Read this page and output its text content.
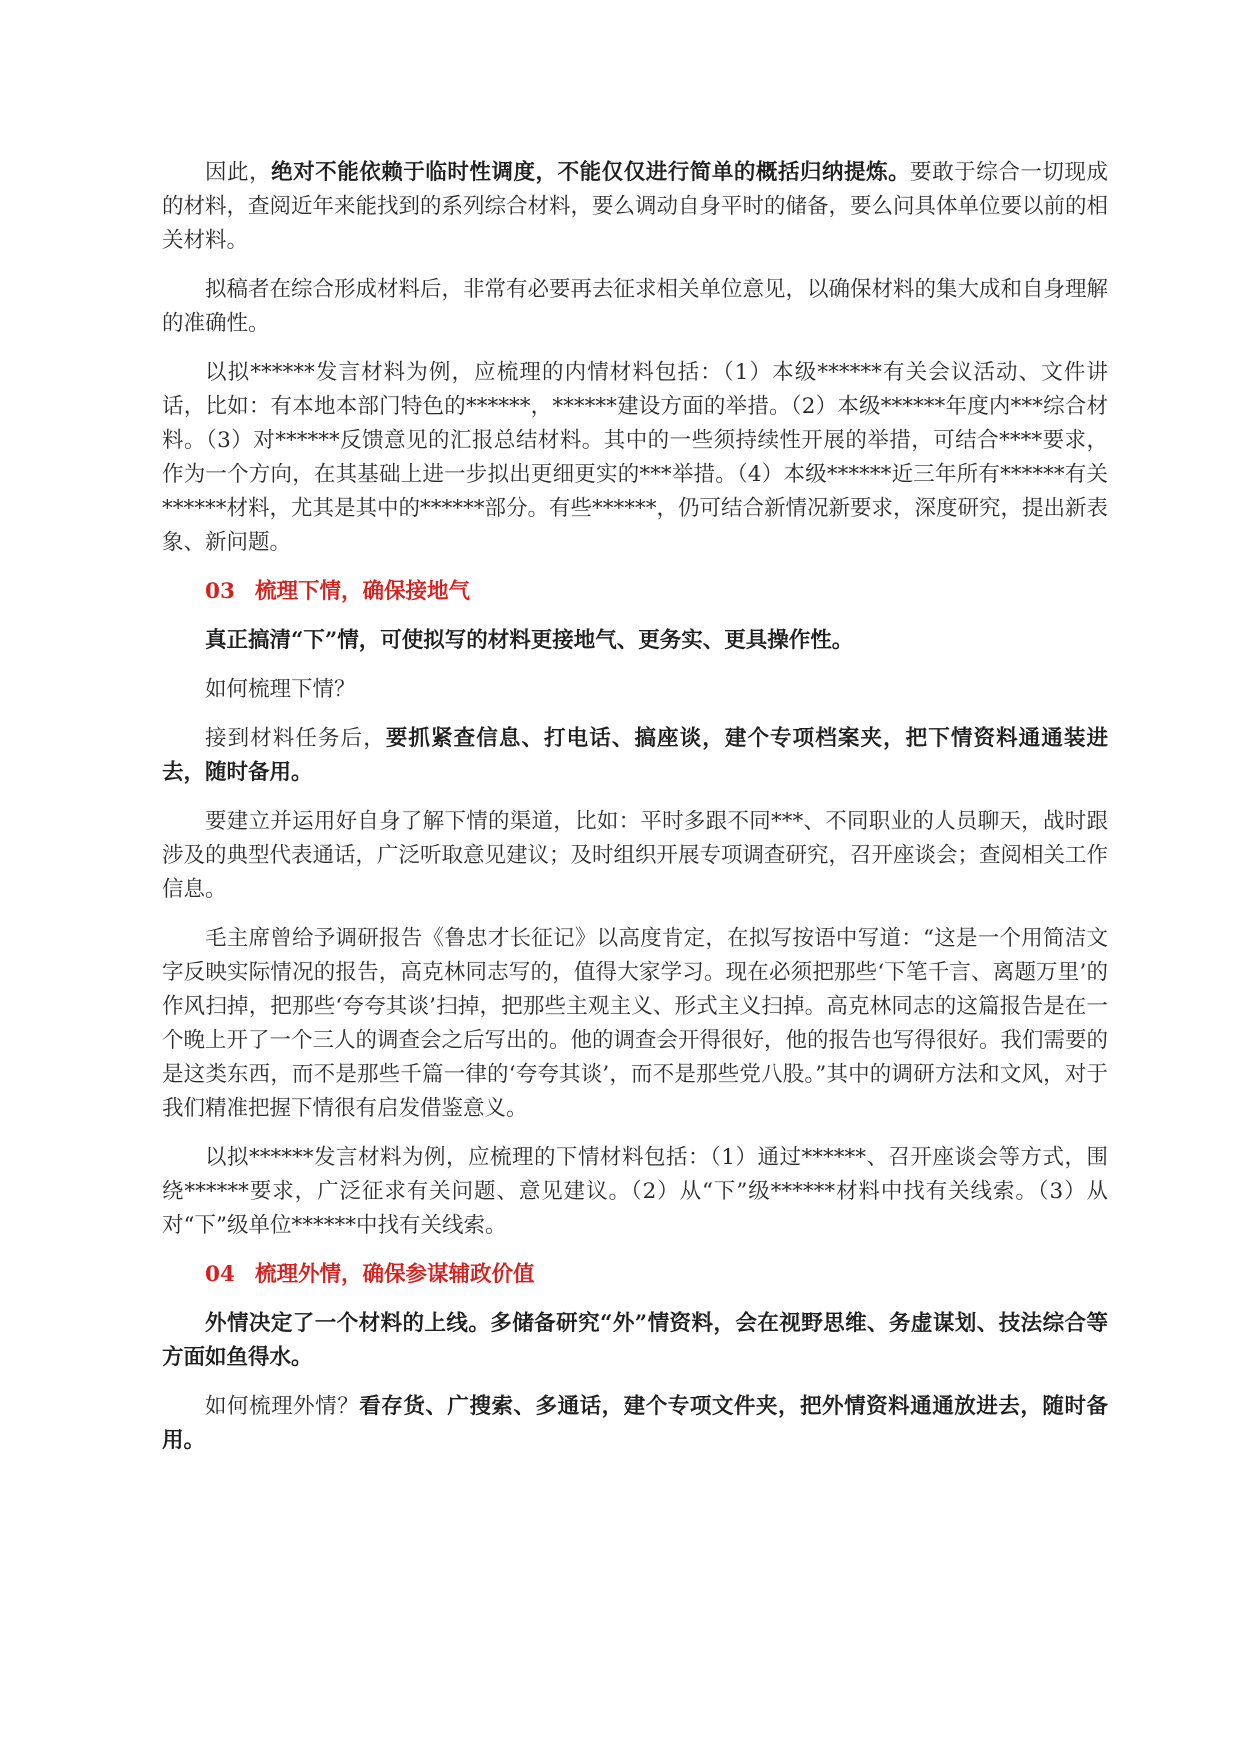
因此，绝对不能依赖于临时性调度，不能仅仅进行简单的概括归纳提炼。要敢于综合一切现成的材料，查阅近年来能找到的系列综合材料，要么调动自身平时的储备，要么问具体单位要以前的相关材料。

拟稿者在综合形成材料后，非常有必要再去征求相关单位意见，以确保材料的集大成和自身理解的准确性。

以拟******发言材料为例，应梳理的内情材料包括：（1）本级******有关会议活动、文件讲话，比如：有本地本部门特色的******，******建设方面的举措。（2）本级******年度内***综合材料。（3）对******反馈意见的汇报总结材料。其中的一些须持续性开展的举措，可结合****要求，作为一个方向，在其基础上进一步拟出更细更实的***举措。（4）本级******近三年所有******有关******材料，尤其是其中的******部分。有些******，仍可结合新情况新要求，深度研究，提出新表象、新问题。

03 梳理下情，确保接地气

真正搞清“下”情，可使拟写的材料更接地气、更务实、更具操作性。

如何梳理下情？

接到材料任务后，要抓紧查信息、打电话、搞座谈，建个专项档案夹，把下情资料通通装进去，随时备用。

要建立并运用好自身了解下情的渠道，比如：平时多跟不同***、不同职业的人员聊天，战时跟涉及的典型代表通话，广泛听取意见建议；及时组织开展专项调查研究，召开座谈会；查阅相关工作信息。

毛主席曾给予调研报告《鲁忠才长征记》以高度肯定，在拟写按语中写道：“这是一个用简洁文字反映实际情况的报告，高克林同志写的，值得大家学习。现在必须把那些‘下笔千言、离题万里’的作风扫掉，把那些‘夸夸其谈’扫掉，把那些主观主义、形式主义扫掉。高克林同志的这篇报告是在一个晚上开了一个三人的调查会之后写出的。他的调查会开得很好，他的报告也写得很好。我们需要的是这类东西，而不是那些千篇一律的‘夸夸其谈’，而不是那些党八股。”其中的调研方法和文风，对于我们精准把握下情很有启发借鉴意义。

以拟******发言材料为例，应梳理的下情材料包括：（1）通过******、召开座谈会等方式，围绕******要求，广泛征求有关问题、意见建议。（2）从“下”级******材料中找有关线索。（3）从对“下”级单位******中找有关线索。

04 梳理外情，确保参谋辅政价值

外情决定了一个材料的上线。多储备研究“外”情资料，会在视野思维、务虚谋划、技法综合等方面如鱼得水。

如何梳理外情？看存货、广搜索、多通话，建个专项文件夹，把外情资料通通放进去，随时备用。
